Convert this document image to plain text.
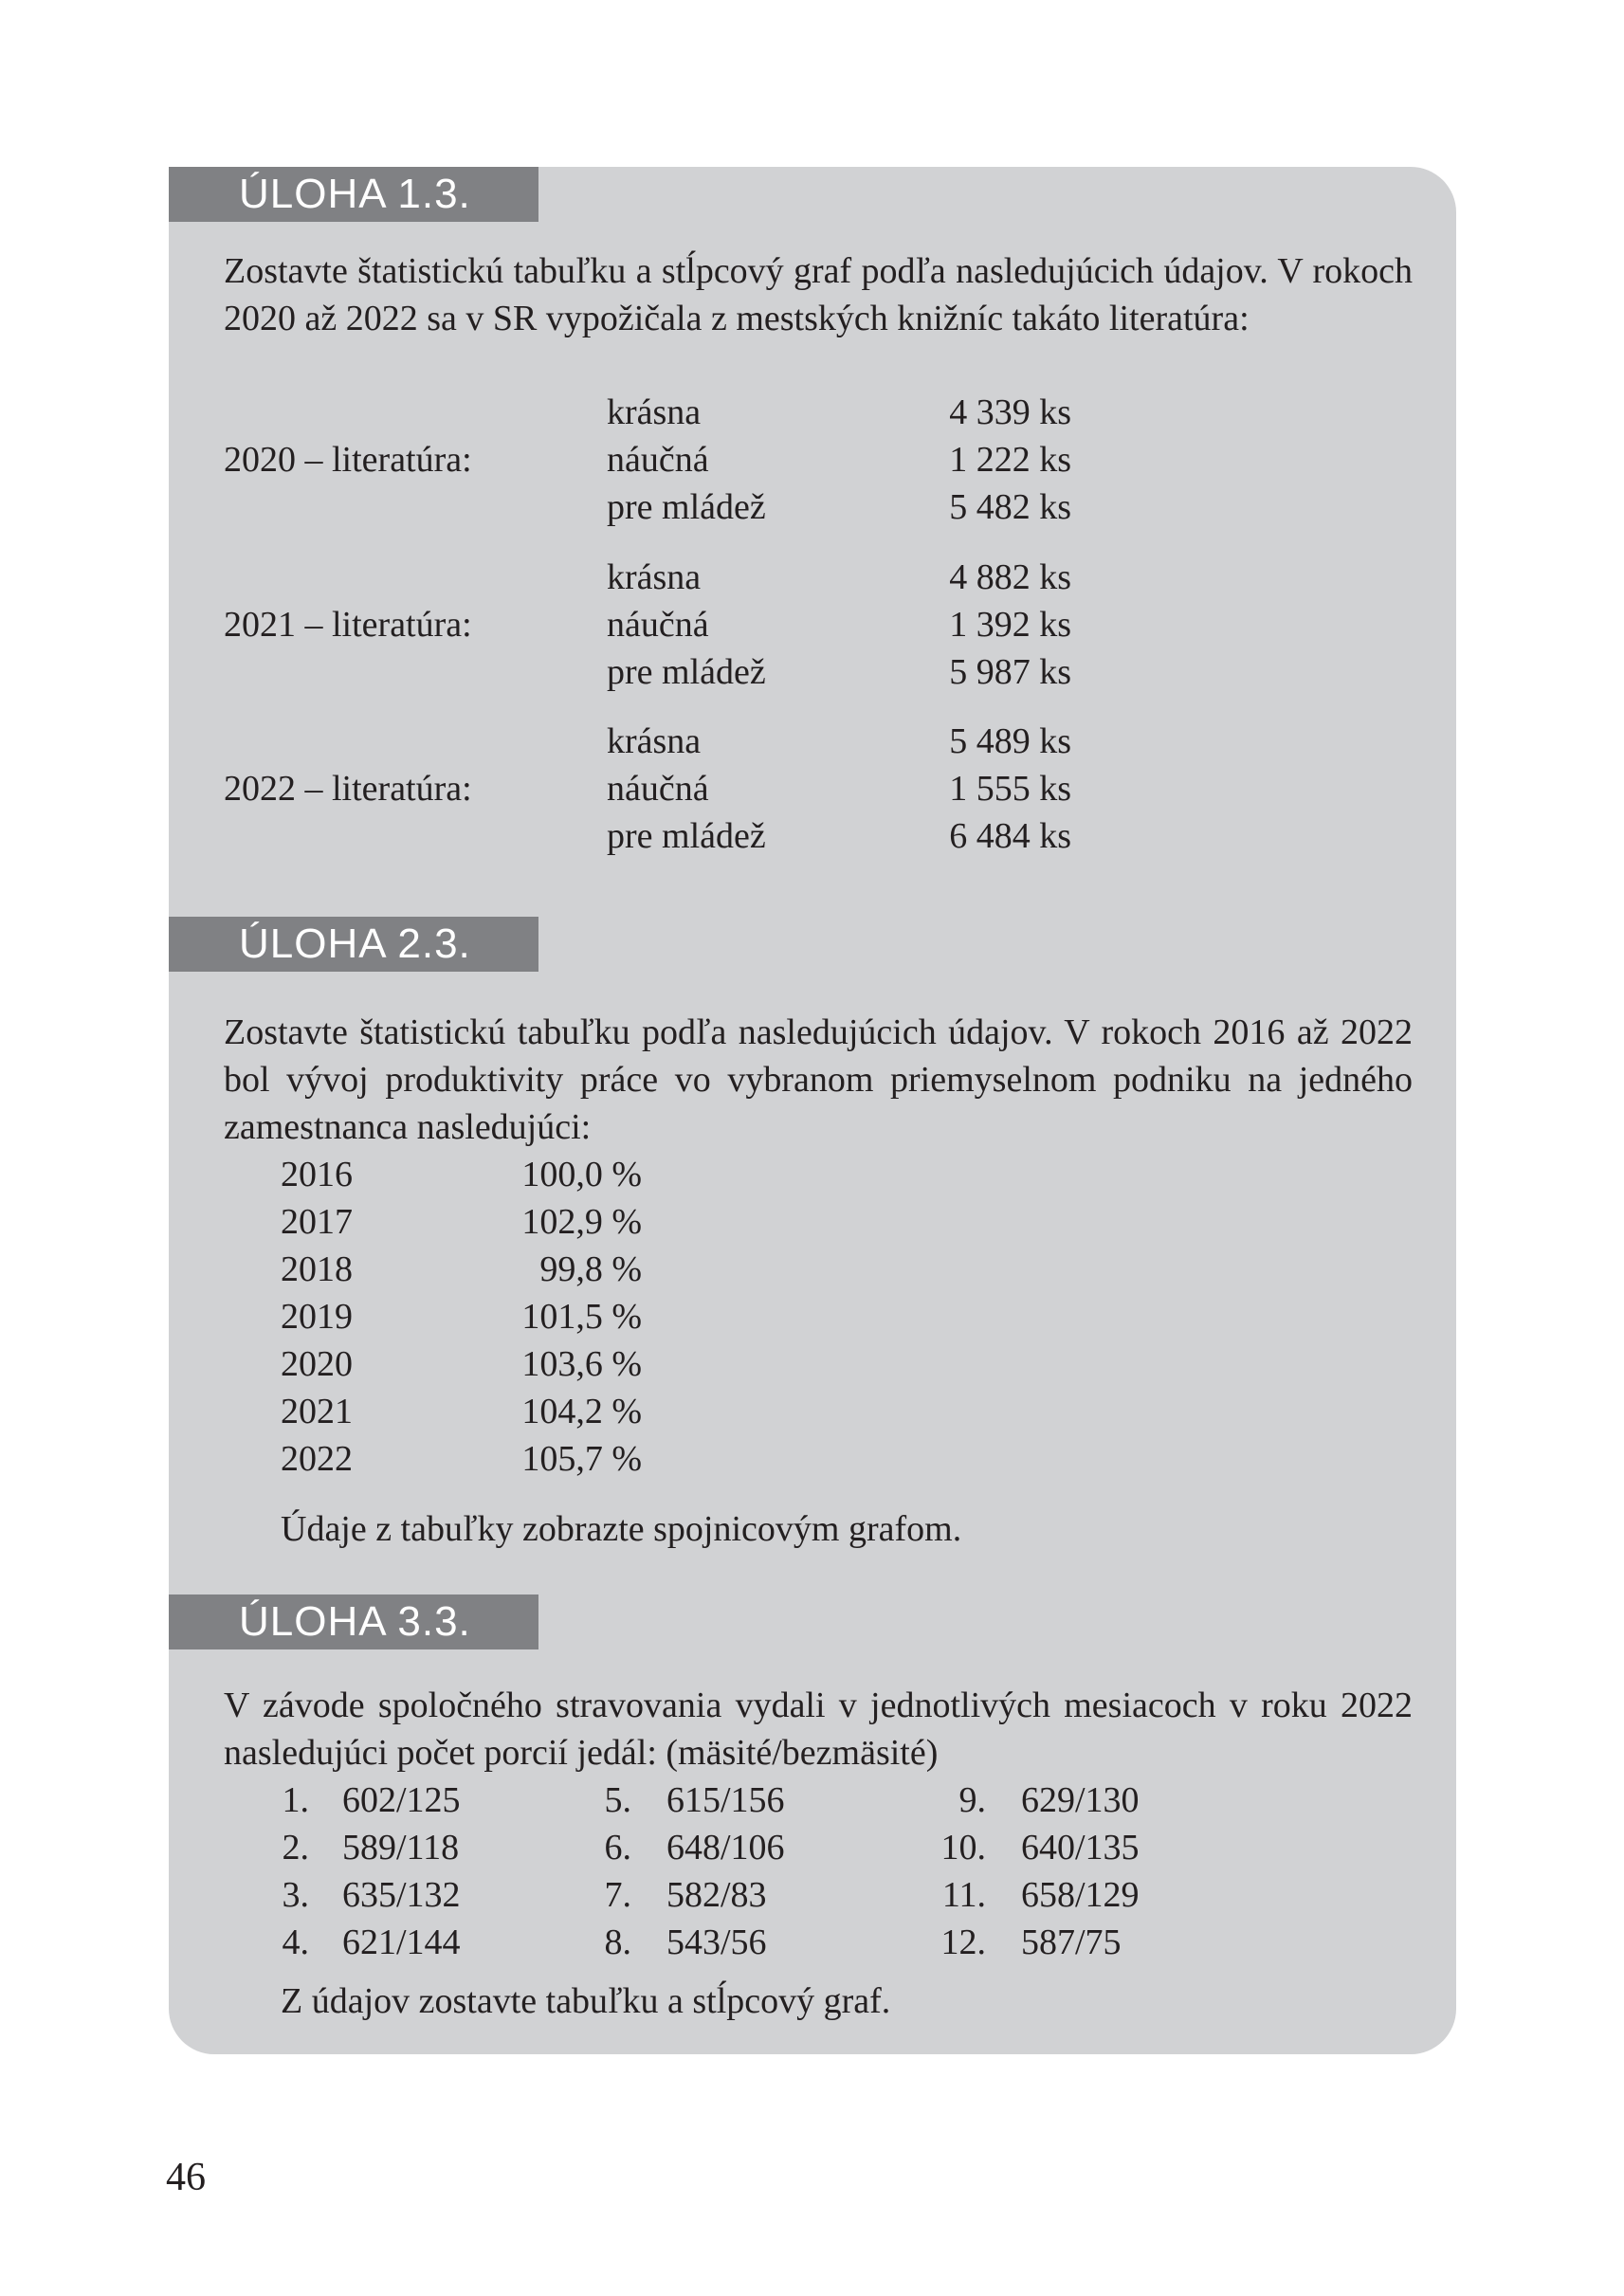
ÚLOHA 1.3.
Zostavte štatistickú tabuľku a stĺpcový graf podľa nasledujúcich údajov. V rokoch 2020 až 2022 sa v SR vypožičala z mestských knižníc takáto literatúra:
2020 – literatúra:
krásna
náučná
pre mládež
4 339 ks
1 222 ks
5 482 ks
2021 – literatúra:
krásna
náučná
pre mládež
4 882 ks
1 392 ks
5 987 ks
2022 – literatúra:
krásna
náučná
pre mládež
5 489 ks
1 555 ks
6 484 ks
ÚLOHA 2.3.
Zostavte štatistickú tabuľku podľa nasledujúcich údajov. V rokoch 2016 až 2022 bol vývoj produktivity práce vo vybranom priemyselnom podniku na jedného zamestnanca nasledujúci:
2016
2017
2018
2019
2020
2021
2022
100,0 %
102,9 %
99,8 %
101,5 %
103,6 %
104,2 %
105,7 %
Údaje z tabuľky zobrazte spojnicovým grafom.
ÚLOHA 3.3.
V závode spoločného stravovania vydali v jednotlivých mesiacoch v roku 2022 nasledujúci počet porcií jedál: (mäsité/bezmäsité)
1.
2.
3.
4.
602/125
589/118
635/132
621/144
5.
6.
7.
8.
615/156
648/106
582/83
543/56
9.
10.
11.
12.
629/130
640/135
658/129
587/75
Z údajov zostavte tabuľku a stĺpcový graf.
46
